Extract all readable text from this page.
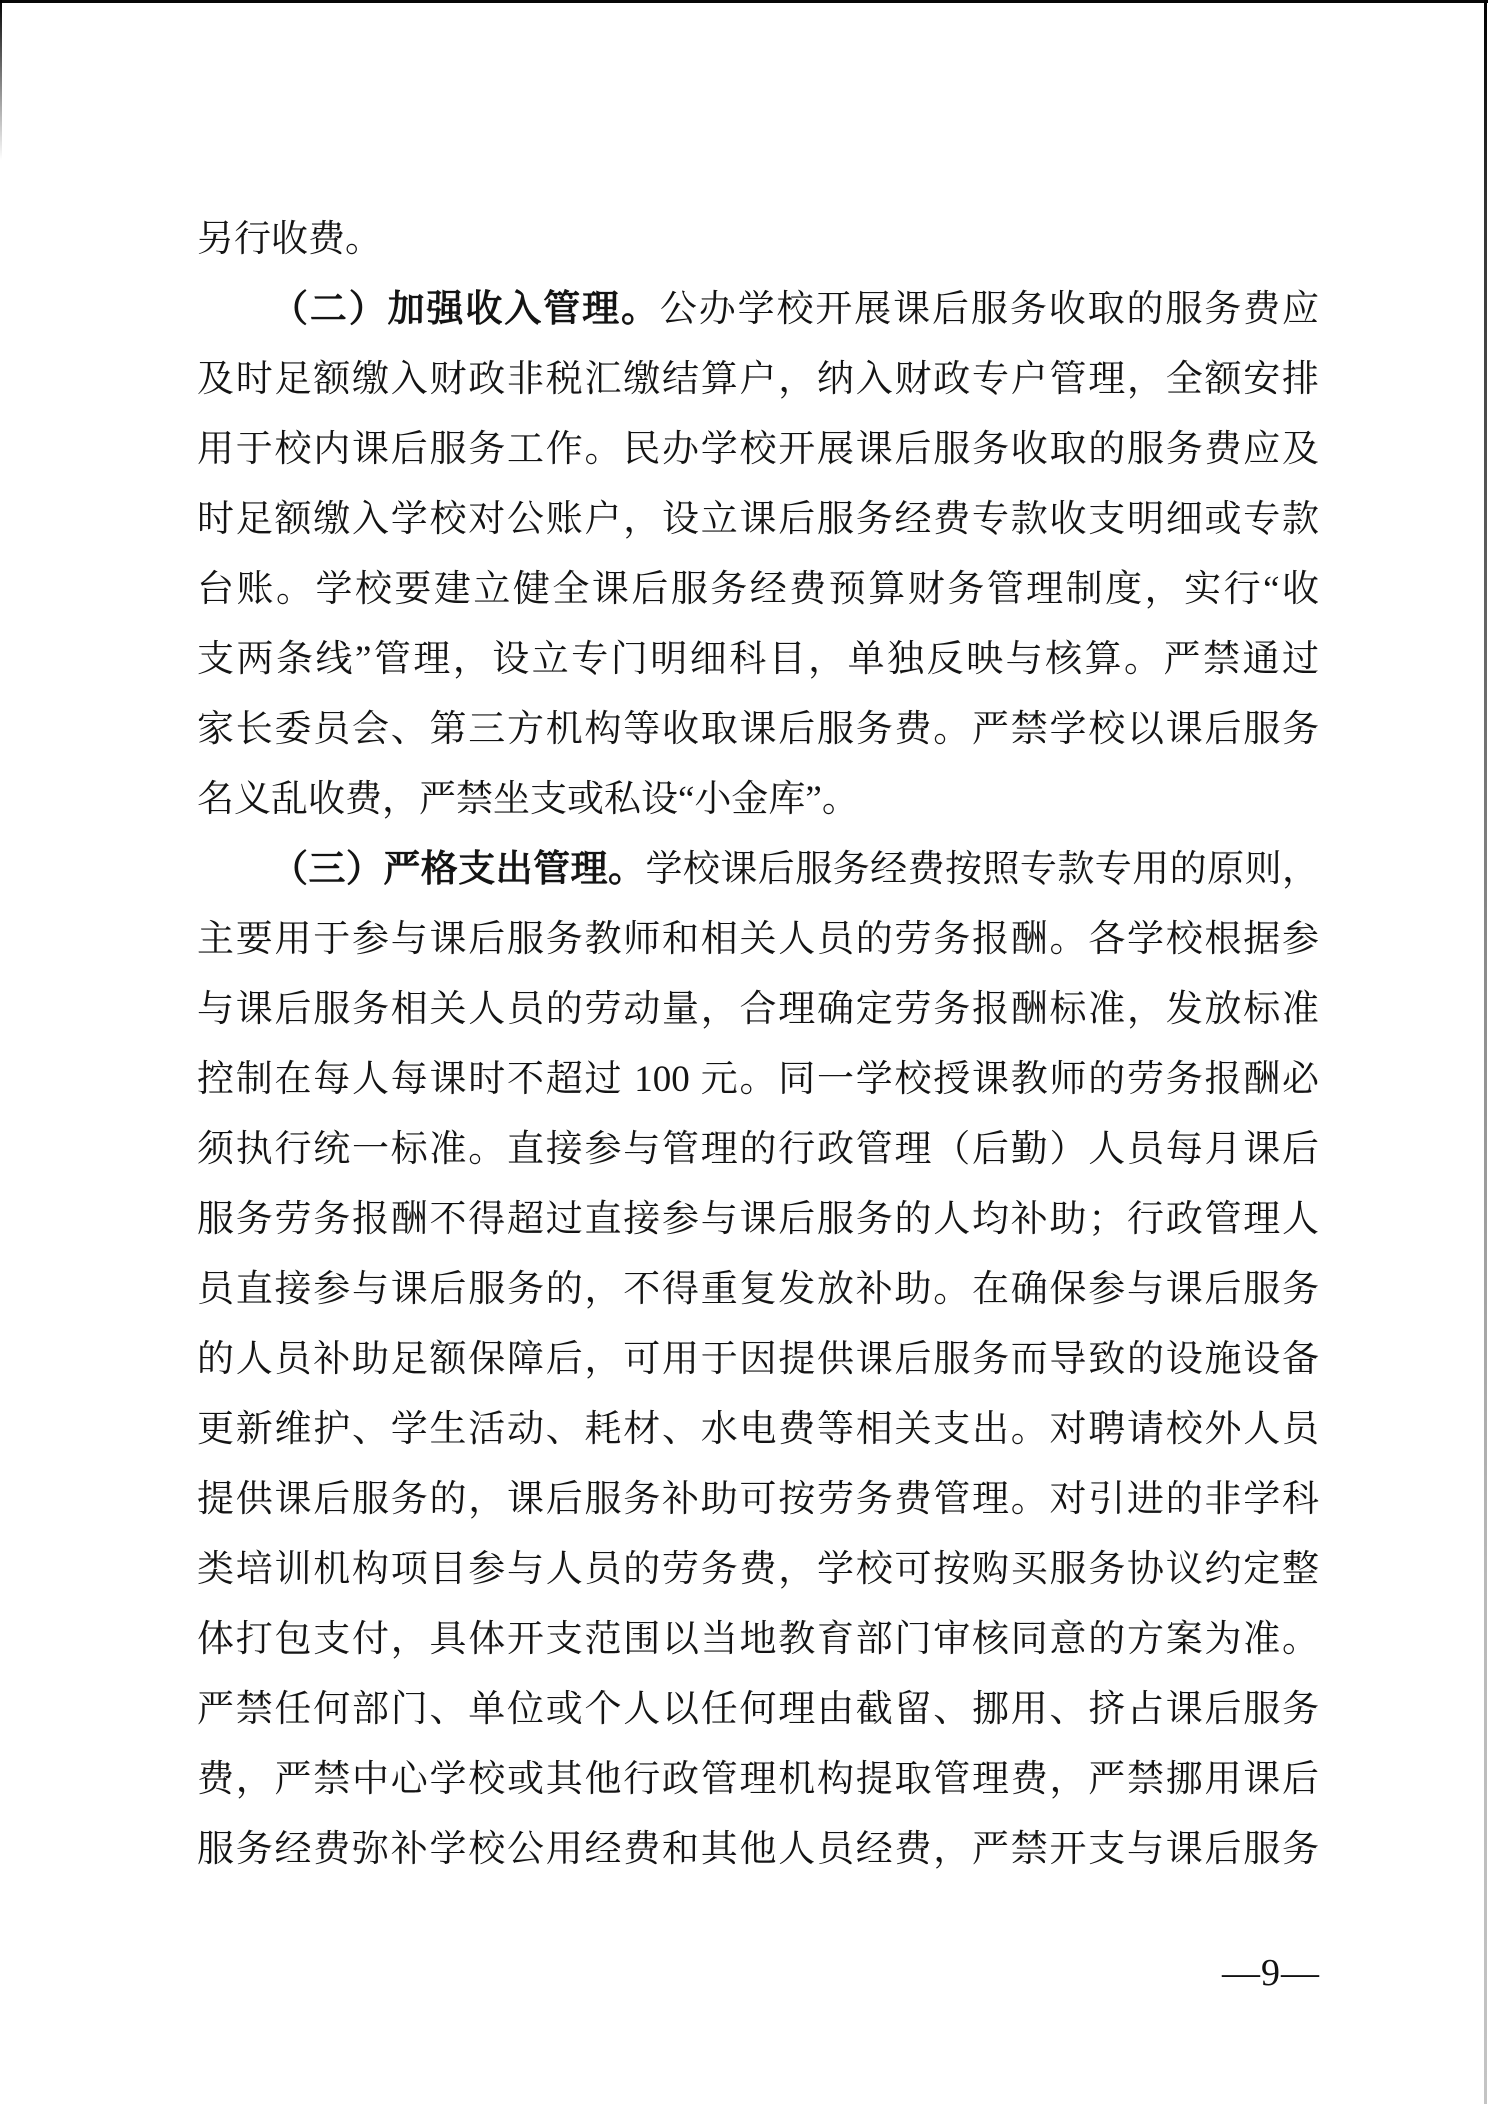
另行收费。
（二）加强收入管理。公办学校开展课后服务收取的服务费应
及时足额缴入财政非税汇缴结算户，纳入财政专户管理，全额安排
用于校内课后服务工作。民办学校开展课后服务收取的服务费应及
时足额缴入学校对公账户，设立课后服务经费专款收支明细或专款
台账。学校要建立健全课后服务经费预算财务管理制度，实行“收
支两条线”管理，设立专门明细科目，单独反映与核算。严禁通过
家长委员会、第三方机构等收取课后服务费。严禁学校以课后服务
名义乱收费，严禁坐支或私设“小金库”。
（三）严格支出管理。学校课后服务经费按照专款专用的原则，
主要用于参与课后服务教师和相关人员的劳务报酬。各学校根据参
与课后服务相关人员的劳动量，合理确定劳务报酬标准，发放标准
控制在每人每课时不超过 100 元。同一学校授课教师的劳务报酬必
须执行统一标准。直接参与管理的行政管理（后勤）人员每月课后
服务劳务报酬不得超过直接参与课后服务的人均补助；行政管理人
员直接参与课后服务的，不得重复发放补助。在确保参与课后服务
的人员补助足额保障后，可用于因提供课后服务而导致的设施设备
更新维护、学生活动、耗材、水电费等相关支出。对聘请校外人员
提供课后服务的，课后服务补助可按劳务费管理。对引进的非学科
类培训机构项目参与人员的劳务费，学校可按购买服务协议约定整
体打包支付，具体开支范围以当地教育部门审核同意的方案为准。
严禁任何部门、单位或个人以任何理由截留、挪用、挤占课后服务
费，严禁中心学校或其他行政管理机构提取管理费，严禁挪用课后
服务经费弥补学校公用经费和其他人员经费，严禁开支与课后服务
—9—
